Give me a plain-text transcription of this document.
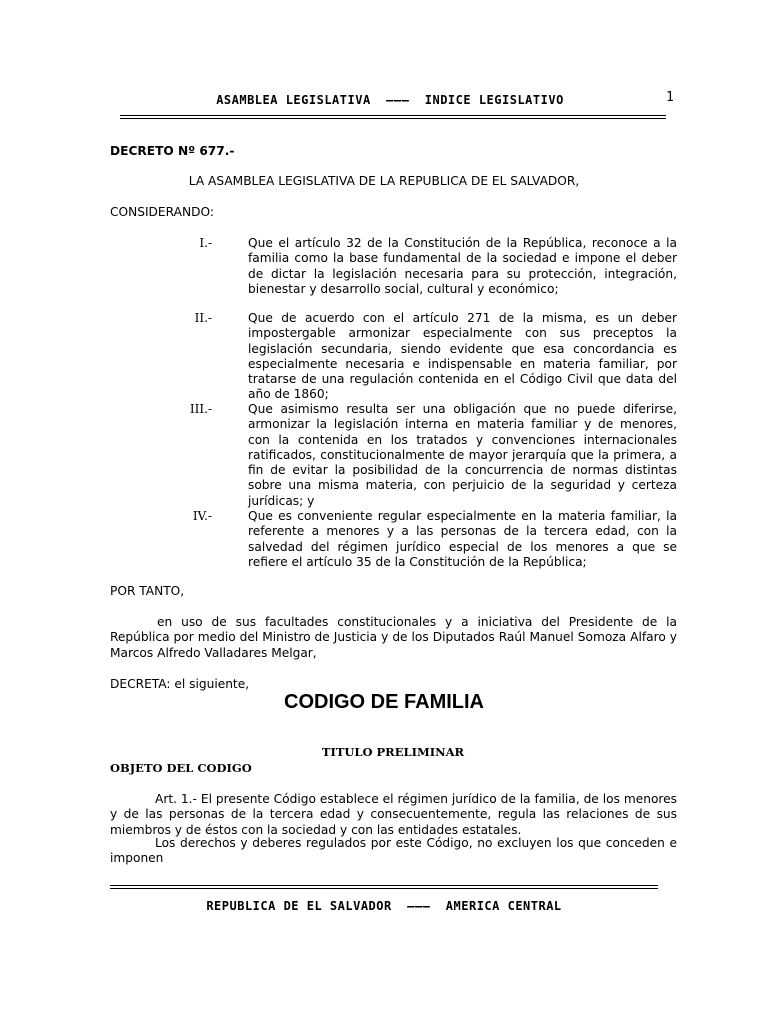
ASAMBLEA LEGISLATIVA  ———  INDICE LEGISLATIVO	1
DECRETO Nº 677.-
LA ASAMBLEA LEGISLATIVA DE LA REPUBLICA DE EL SALVADOR,
CONSIDERANDO:
I.-	Que el artículo 32 de la Constitución de la República, reconoce a la familia como la base fundamental de la sociedad e impone el deber de dictar la legislación necesaria para su protección, integración, bienestar y desarrollo social, cultural y económico;
II.-	Que de acuerdo con el artículo 271 de la misma, es un deber impostergable armonizar especialmente con sus preceptos la legislación secundaria, siendo evidente que esa concordancia es especialmente necesaria e indispensable en materia familiar, por tratarse de una regulación contenida en el Código Civil que data del año de 1860;
III.-	Que asimismo resulta ser una obligación que no puede diferirse, armonizar la legislación interna en materia familiar y de menores, con la contenida en los tratados y convenciones internacionales ratificados, constitucionalmente de mayor jerarquía que la primera, a fin de evitar la posibilidad de la concurrencia de normas distintas sobre una misma materia, con perjuicio de la seguridad y certeza jurídicas; y
IV.-	Que es conveniente regular especialmente en la materia familiar, la referente a menores y a las personas de la tercera edad, con la salvedad del régimen jurídico especial de los menores a que se refiere el artículo 35 de la Constitución de la República;
POR TANTO,
en uso de sus facultades constitucionales y a iniciativa del Presidente de la República por medio del Ministro de Justicia y de los Diputados Raúl Manuel Somoza Alfaro y Marcos Alfredo Valladares Melgar,
DECRETA: el siguiente,
CODIGO DE FAMILIA
TITULO PRELIMINAR
OBJETO DEL CODIGO
Art. 1.- El presente Código establece el régimen jurídico de la familia, de los menores y de las personas de la tercera edad y consecuentemente, regula las relaciones de sus miembros y de éstos con la sociedad y con las entidades estatales.
Los derechos y deberes regulados por este Código, no excluyen los que conceden e imponen
REPUBLICA DE EL SALVADOR  ———  AMERICA CENTRAL
